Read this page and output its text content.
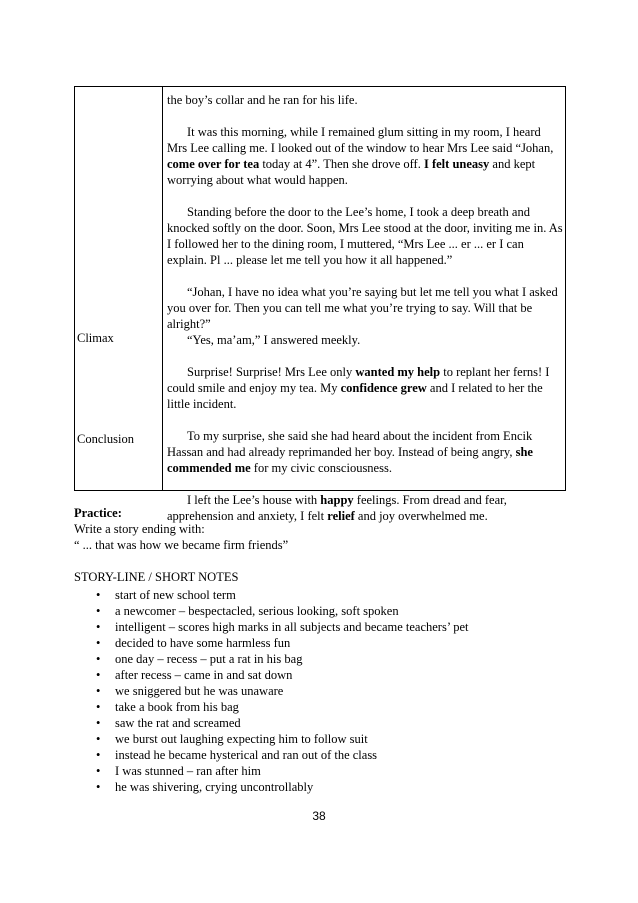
Climax
Conclusion

the boy’s collar and he ran for his life.

It was this morning, while I remained glum sitting in my room, I heard Mrs Lee calling me. I looked out of the window to hear Mrs Lee said “Johan, come over for tea today at 4”. Then she drove off. I felt uneasy and kept worrying about what would happen.

Standing before the door to the Lee’s home, I took a deep breath and knocked softly on the door. Soon, Mrs Lee stood at the door, inviting me in. As I followed her to the dining room, I muttered, “Mrs Lee ... er ... er I can explain. Pl ... please let me tell you how it all happened.”

“Johan, I have no idea what you’re saying but let me tell you what I asked you over for. Then you can tell me what you’re trying to say. Will that be alright?”

“Yes, ma’am,” I answered meekly.

Surprise! Surprise! Mrs Lee only wanted my help to replant her ferns! I could smile and enjoy my tea. My confidence grew and I related to her the little incident.

To my surprise, she said she had heard about the incident from Encik Hassan and had already reprimanded her boy. Instead of being angry, she commended me for my civic consciousness.

I left the Lee’s house with happy feelings. From dread and fear, apprehension and anxiety, I felt relief and joy overwhelmed me.

Practice:
Write a story ending with:
“ ... that was how we became firm friends”
STORY-LINE / SHORT NOTES
• start of new school term
• a newcomer – bespectacled, serious looking, soft spoken
• intelligent – scores high marks in all subjects and became teachers’ pet
• decided to have some harmless fun
• one day – recess – put a rat in his bag
• after recess – came in and sat down
• we sniggered but he was unaware
• take a book from his bag
• saw the rat and screamed
• we burst out laughing expecting him to follow suit
• instead he became hysterical and ran out of the class
• I was stunned – ran after him
• he was shivering, crying uncontrollably
38
